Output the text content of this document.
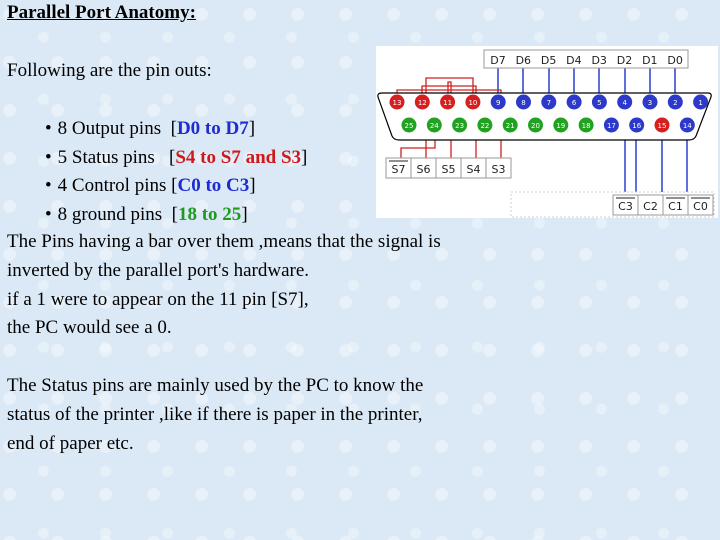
Parallel Port Anatomy:

Following are the pin outs:

• 8 Output pins  [D0 to D7]
• 5 Status pins   [S4 to S7 and S3]
• 4 Control pins [C0 to C3]
• 8 ground pins  [18 to 25]
The Pins having a bar over them ,means that the signal is
inverted by the parallel port's hardware.
if a 1 were to appear on the 11 pin [S7],
the PC would see a 0.
The Status pins are mainly used by the PC to know the
status of the printer ,like if there is paper in the printer,
end of paper etc.
D7 D6 D5 D4 D3 D2 D1 D0
13 12 11 10	9	8	7	6	5	4	3	2	1
25 24 23 22 21 20 19 18 17 16 15 14
S7 S6 S5 S4 S3
C3 C2 C1 C0
